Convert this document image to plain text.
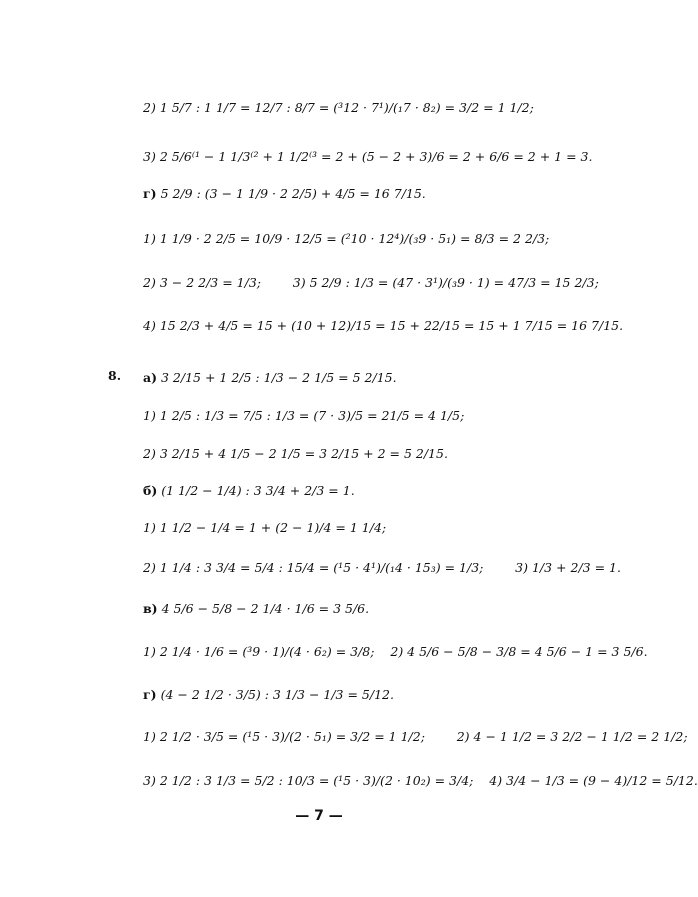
8.
2)
1 5/7 : 1 1/7 = 12/7 : 8/7 = (³12 · 7¹)/(₁7 · 8₂) = 3/2 = 1 1/2;
3)
2 5/6⁽¹ − 1 1/3⁽² + 1 1/2⁽³ = 2 + (5 − 2 + 3)/6 = 2 + 6/6 = 2 + 1 = 3.
г)
5 2/9 : (3 − 1 1/9 · 2 2/5) + 4/5 = 16 7/15.
1)
1 1/9 · 2 2/5 = 10/9 · 12/5 = (²10 · 12⁴)/(₃9 · 5₁) = 8/3 = 2 2/3;
2)
3 − 2 2/3 = 1/3;        3) 5 2/9 : 1/3 = (47 · 3¹)/(₃9 · 1) = 47/3 = 15 2/3;
4)
15 2/3 + 4/5 = 15 + (10 + 12)/15 = 15 + 22/15 = 15 + 1 7/15 = 16 7/15.
а)
3 2/15 + 1 2/5 : 1/3 − 2 1/5 = 5 2/15.
1)
1 2/5 : 1/3 = 7/5 : 1/3 = (7 · 3)/5 = 21/5 = 4 1/5;
2)
3 2/15 + 4 1/5 − 2 1/5 = 3 2/15 + 2 = 5 2/15.
б)
(1 1/2 − 1/4) : 3 3/4 + 2/3 = 1.
1)
1 1/2 − 1/4 = 1 + (2 − 1)/4 = 1 1/4;
2)
1 1/4 : 3 3/4 = 5/4 : 15/4 = (¹5 · 4¹)/(₁4 · 15₃) = 1/3;        3) 1/3 + 2/3 = 1.
в)
4 5/6 − 5/8 − 2 1/4 · 1/6 = 3 5/6.
1)
2 1/4 · 1/6 = (³9 · 1)/(4 · 6₂) = 3/8;    2) 4 5/6 − 5/8 − 3/8 = 4 5/6 − 1 = 3 5/6.
г)
(4 − 2 1/2 · 3/5) : 3 1/3 − 1/3 = 5/12.
1)
2 1/2 · 3/5 = (¹5 · 3)/(2 · 5₁) = 3/2 = 1 1/2;        2) 4 − 1 1/2 = 3 2/2 − 1 1/2 = 2 1/2;
3)
2 1/2 : 3 1/3 = 5/2 : 10/3 = (¹5 · 3)/(2 · 10₂) = 3/4;    4) 3/4 − 1/3 = (9 − 4)/12 = 5/12.
— 7 —
